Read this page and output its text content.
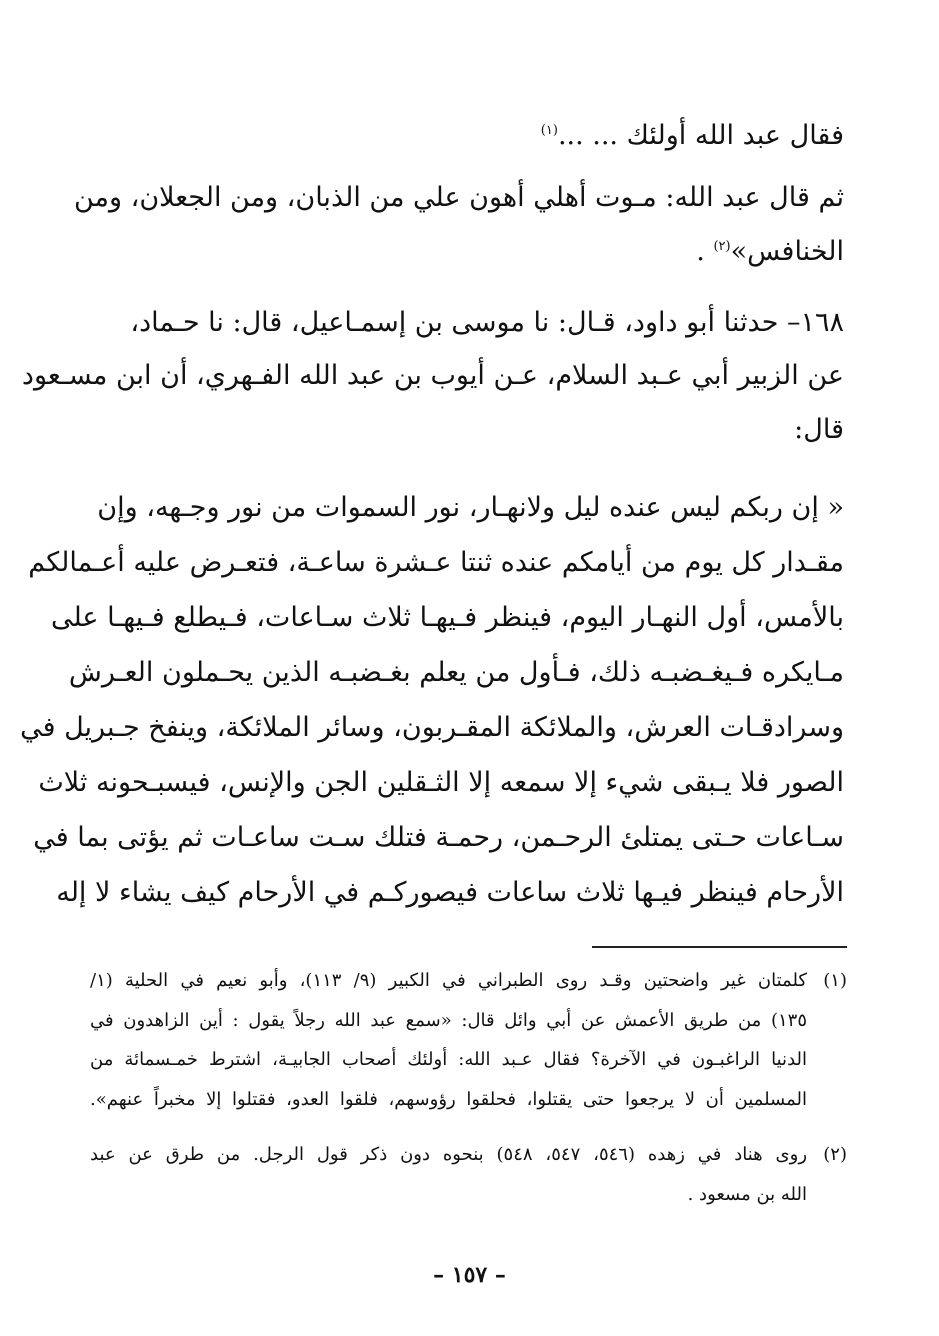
فقال عبد الله أولئك ... ...$^{(١)}$
ثم قال عبد الله: مـوت أهلي أهون علي من الذبان، ومن الجعلان، ومن
الخنافس»$^{(٢)}$ .
١٦٨– حدثنا أبو داود، قـال: نا موسى بن إسمـاعيل، قال: نا حـماد،
عن الزبير أبي عـبد السلام، عـن أيوب بن عبد الله الفـهري، أن ابن مسـعود
قال:
« إن ربكم ليس عنده ليل ولانهـار، نور السموات من نور وجـهه، وإن
مقـدار كل يوم من أيامكم عنده ثنتا عـشرة ساعـة، فتعـرض عليه أعـمالكم
بالأمس، أول النهـار اليوم، فينظر فـيهـا ثلاث سـاعات، فـيطلع فـيهـا على
مـايكره فـيغـضبـه ذلك، فـأول من يعلم بغـضبـه الذين يحـملون العـرش
وسرادقـات العرش، والملائكة المقـربون، وسائر الملائكة، وينفخ جـبريل في
الصور فلا يـبقى شيء إلا سمعه إلا الثـقلين الجن والإنس، فيسبـحونه ثلاث
سـاعات حـتى يمتلئ الرحـمن، رحمـة فتلك سـت ساعـات ثم يؤتى بما في
الأرحام فينظر فيـها ثلاث ساعات فيصوركـم في الأرحام كيف يشاء لا إله
(١)
كلمتان غير واضحتين وقـد روى الطبراني في الكبير (٩/ ١١٣)، وأبو نعيم في الحلية (١/
١٣٥) من طريق الأعمش عن أبي وائل قال: «سمع عبد الله رجلاً يقول : أين الزاهدون في
الدنيا الراغبـون في الآخرة؟ فقال عـبد الله: أولئك أصحاب الجابيـة، اشترط خمـسمائة من
المسلمين أن لا يرجعوا حتى يقتلوا، فحلقوا رؤوسهم، فلقوا العدو، فقتلوا إلا مخبراً عنهم».
(٢)
روى هناد في زهده (٥٤٦، ٥٤٧، ٥٤٨) بنحوه دون ذكر قول الرجل. من طرق عن عبد
الله بن مسعود .
– ١٥٧ –
